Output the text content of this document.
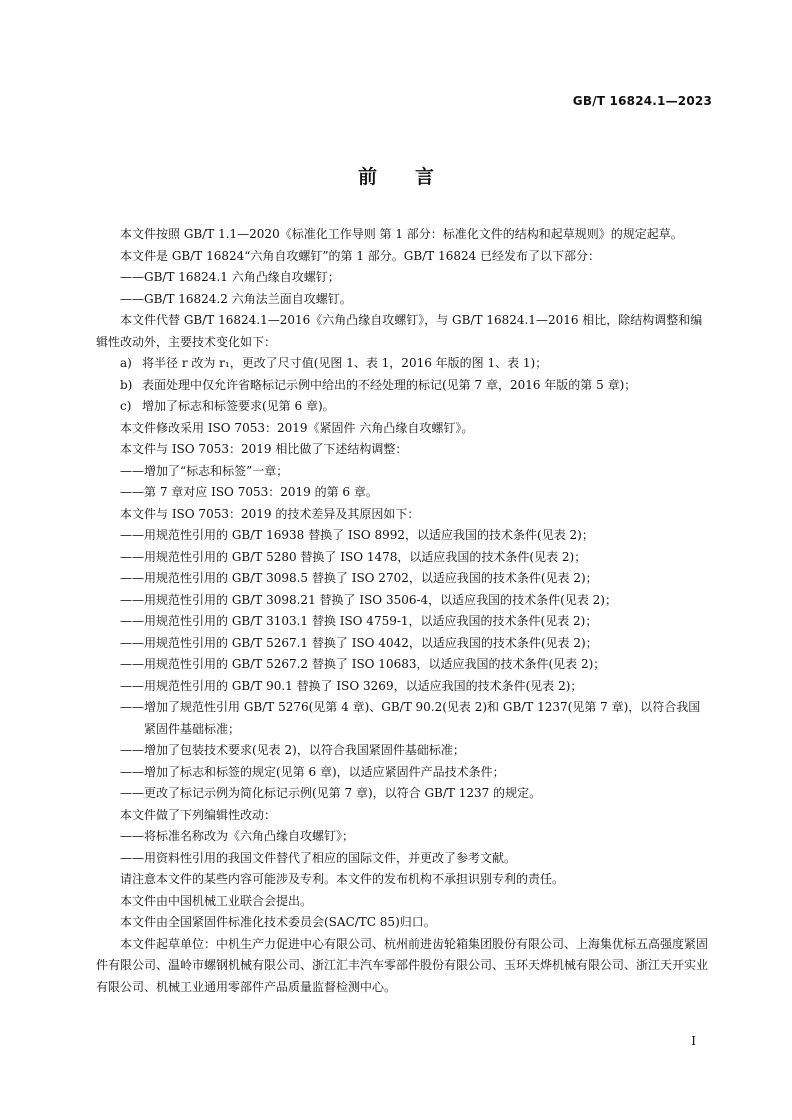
GB/T 16824.1—2023
前言
本文件按照 GB/T 1.1—2020《标准化工作导则 第 1 部分：标准化文件的结构和起草规则》的规定起草。
本文件是 GB/T 16824“六角自攻螺钉”的第 1 部分。GB/T 16824 已经发布了以下部分：
——GB/T 16824.1 六角凸缘自攻螺钉；
——GB/T 16824.2 六角法兰面自攻螺钉。
本文件代替 GB/T 16824.1—2016《六角凸缘自攻螺钉》，与 GB/T 16824.1—2016 相比，除结构调整和编辑性改动外，主要技术变化如下：
a) 将半径 r 改为 r₁，更改了尺寸值(见图 1、表 1，2016 年版的图 1、表 1)；
b) 表面处理中仅允许省略标记示例中给出的不经处理的标记(见第 7 章，2016 年版的第 5 章)；
c) 增加了标志和标签要求(见第 6 章)。
本文件修改采用 ISO 7053：2019《紧固件 六角凸缘自攻螺钉》。
本文件与 ISO 7053：2019 相比做了下述结构调整：
——增加了“标志和标签”一章；
——第 7 章对应 ISO 7053：2019 的第 6 章。
本文件与 ISO 7053：2019 的技术差异及其原因如下：
——用规范性引用的 GB/T 16938 替换了 ISO 8992，以适应我国的技术条件(见表 2)；
——用规范性引用的 GB/T 5280 替换了 ISO 1478，以适应我国的技术条件(见表 2)；
——用规范性引用的 GB/T 3098.5 替换了 ISO 2702，以适应我国的技术条件(见表 2)；
——用规范性引用的 GB/T 3098.21 替换了 ISO 3506-4，以适应我国的技术条件(见表 2)；
——用规范性引用的 GB/T 3103.1 替换 ISO 4759-1，以适应我国的技术条件(见表 2)；
——用规范性引用的 GB/T 5267.1 替换了 ISO 4042，以适应我国的技术条件(见表 2)；
——用规范性引用的 GB/T 5267.2 替换了 ISO 10683，以适应我国的技术条件(见表 2)；
——用规范性引用的 GB/T 90.1 替换了 ISO 3269，以适应我国的技术条件(见表 2)；
——增加了规范性引用 GB/T 5276(见第 4 章)、GB/T 90.2(见表 2)和 GB/T 1237(见第 7 章)，以符合我国紧固件基础标准；
——增加了包装技术要求(见表 2)，以符合我国紧固件基础标准；
——增加了标志和标签的规定(见第 6 章)，以适应紧固件产品技术条件；
——更改了标记示例为简化标记示例(见第 7 章)，以符合 GB/T 1237 的规定。
本文件做了下列编辑性改动：
——将标准名称改为《六角凸缘自攻螺钉》；
——用资料性引用的我国文件替代了相应的国际文件，并更改了参考文献。
请注意本文件的某些内容可能涉及专利。本文件的发布机构不承担识别专利的责任。
本文件由中国机械工业联合会提出。
本文件由全国紧固件标准化技术委员会(SAC/TC 85)归口。
本文件起草单位：中机生产力促进中心有限公司、杭州前进齿轮箱集团股份有限公司、上海集优标五高强度紧固件有限公司、温岭市螺钢机械有限公司、浙江汇丰汽车零部件股份有限公司、玉环天烨机械有限公司、浙江天开实业有限公司、机械工业通用零部件产品质量监督检测中心。
I
